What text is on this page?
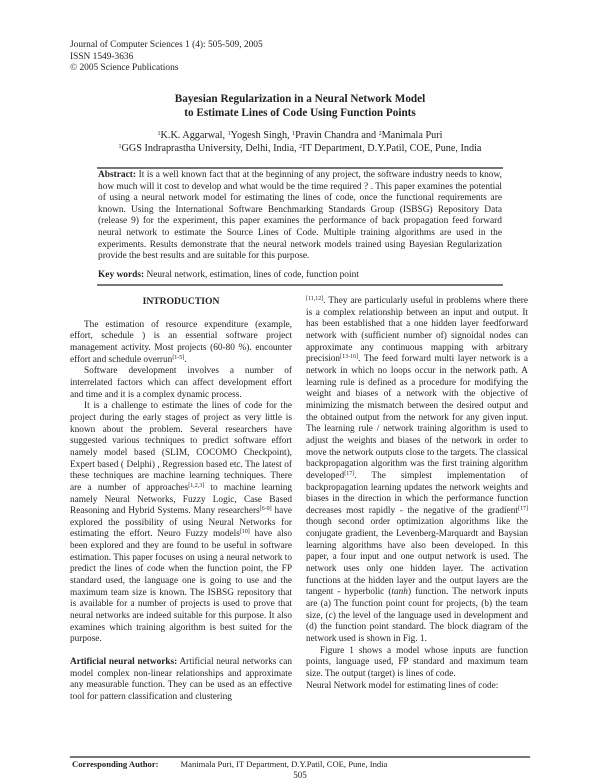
Journal of Computer Sciences 1 (4): 505-509, 2005
ISSN 1549-3636
© 2005 Science Publications
Bayesian Regularization in a Neural Network Model
to Estimate Lines of Code Using Function Points
$^1$K.K. Aggarwal, $^1$Yogesh Singh, $^1$Pravin Chandra and $^2$Manimala Puri
$^1$GGS Indraprastha University, Delhi, India, $^2$IT Department, D.Y.Patil, COE, Pune, India
Abstract: It is a well known fact that at the beginning of any project, the software industry needs to know, how much will it cost to develop and what would be the time required ? . This paper examines the potential of using a neural network model for estimating the lines of code, once the functional requirements are known. Using the International Software Benchmarking Standards Group (ISBSG) Repository Data (release 9) for the experiment, this paper examines the performance of back propagation feed forward neural network to estimate the Source Lines of Code. Multiple training algorithms are used in the experiments. Results demonstrate that the neural network models trained using Bayesian Regularization provide the best results and are suitable for this purpose.
Key words: Neural network, estimation, lines of code, function point
INTRODUCTION

The estimation of resource expenditure (example, effort, schedule ) is an essential software project management activity. Most projects (60-80 %). encounter effort and schedule overrun[1-5].

Software development involves a number of interrelated factors which can affect development effort and time and it is a complex dynamic process.

It is a challenge to estimate the lines of code for the project during the early stages of project as very little is known about the problem. Several researchers have suggested various techniques to predict software effort namely model based (SLIM, COCOMO Checkpoint), Expert based ( Delphi) , Regression based etc. The latest of these techniques are machine learning techniques. There are a number of approaches[1,2,3] to machine learning namely Neural Networks, Fuzzy Logic, Case Based Reasoning and Hybrid Systems. Many researchers[6-9] have explored the possibility of using Neural Networks for estimating the effort. Neuro Fuzzy models[10] have also been explored and they are found to be useful in software estimation. This paper focuses on using a neural network to predict the lines of code when the function point, the FP standard used, the language one is going to use and the maximum team size is known. The ISBSG repository that is available for a number of projects is used to prove that neural networks are indeed suitable for this purpose. It also examines which training algorithm is best suited for the purpose.

Artificial neural networks: Artificial neural networks can model complex non-linear relationships and approximate any measurable function. They can be used as an effective tool for pattern classification and clustering

[11,12]. They are particularly useful in problems where there is a complex relationship between an input and output. It has been established that a one hidden layer feedforward network with (sufficient number of) signoidal nodes can approximate any continuous mapping with arbitrary precision[13-16]. The feed forward multi layer network is a network in which no loops occur in the network path. A learning rule is defined as a procedure for modifying the weight and biases of a network with the objective of minimizing the mismatch between the desired output and the obtained output from the network for any given input. The learning rule / network training algorithm is used to adjust the weights and biases of the network in order to move the network outputs close to the targets. The classical backpropagation algorithm was the first training algorithm developed[17]. The simplest implementation of backpropagation learning updates the network weights and biases in the direction in which the performance function decreases most rapidly - the negative of the gradient[17] though second order optimization algorithms like the conjugate gradient, the Levenberg-Marquardt and Baysian learning algorithms have also been developed. In this paper, a four input and one output network is used. The network uses only one hidden layer. The activation functions at the hidden layer and the output layers are the tangent - hyperbolic (tanh) function. The network inputs are (a) The function point count for projects, (b) the team size, (c) the level of the language used in development and (d) the function point standard. The block diagram of the network used is shown in Fig. 1.

Figure 1 shows a model whose inputs are function points, language used, FP standard and maximum team size. The output (target) is lines of code.

Neural Network model for estimating lines of code:

Corresponding Author:	Manimala Puri, IT Department, D.Y.Patil, COE, Pune, India
505
